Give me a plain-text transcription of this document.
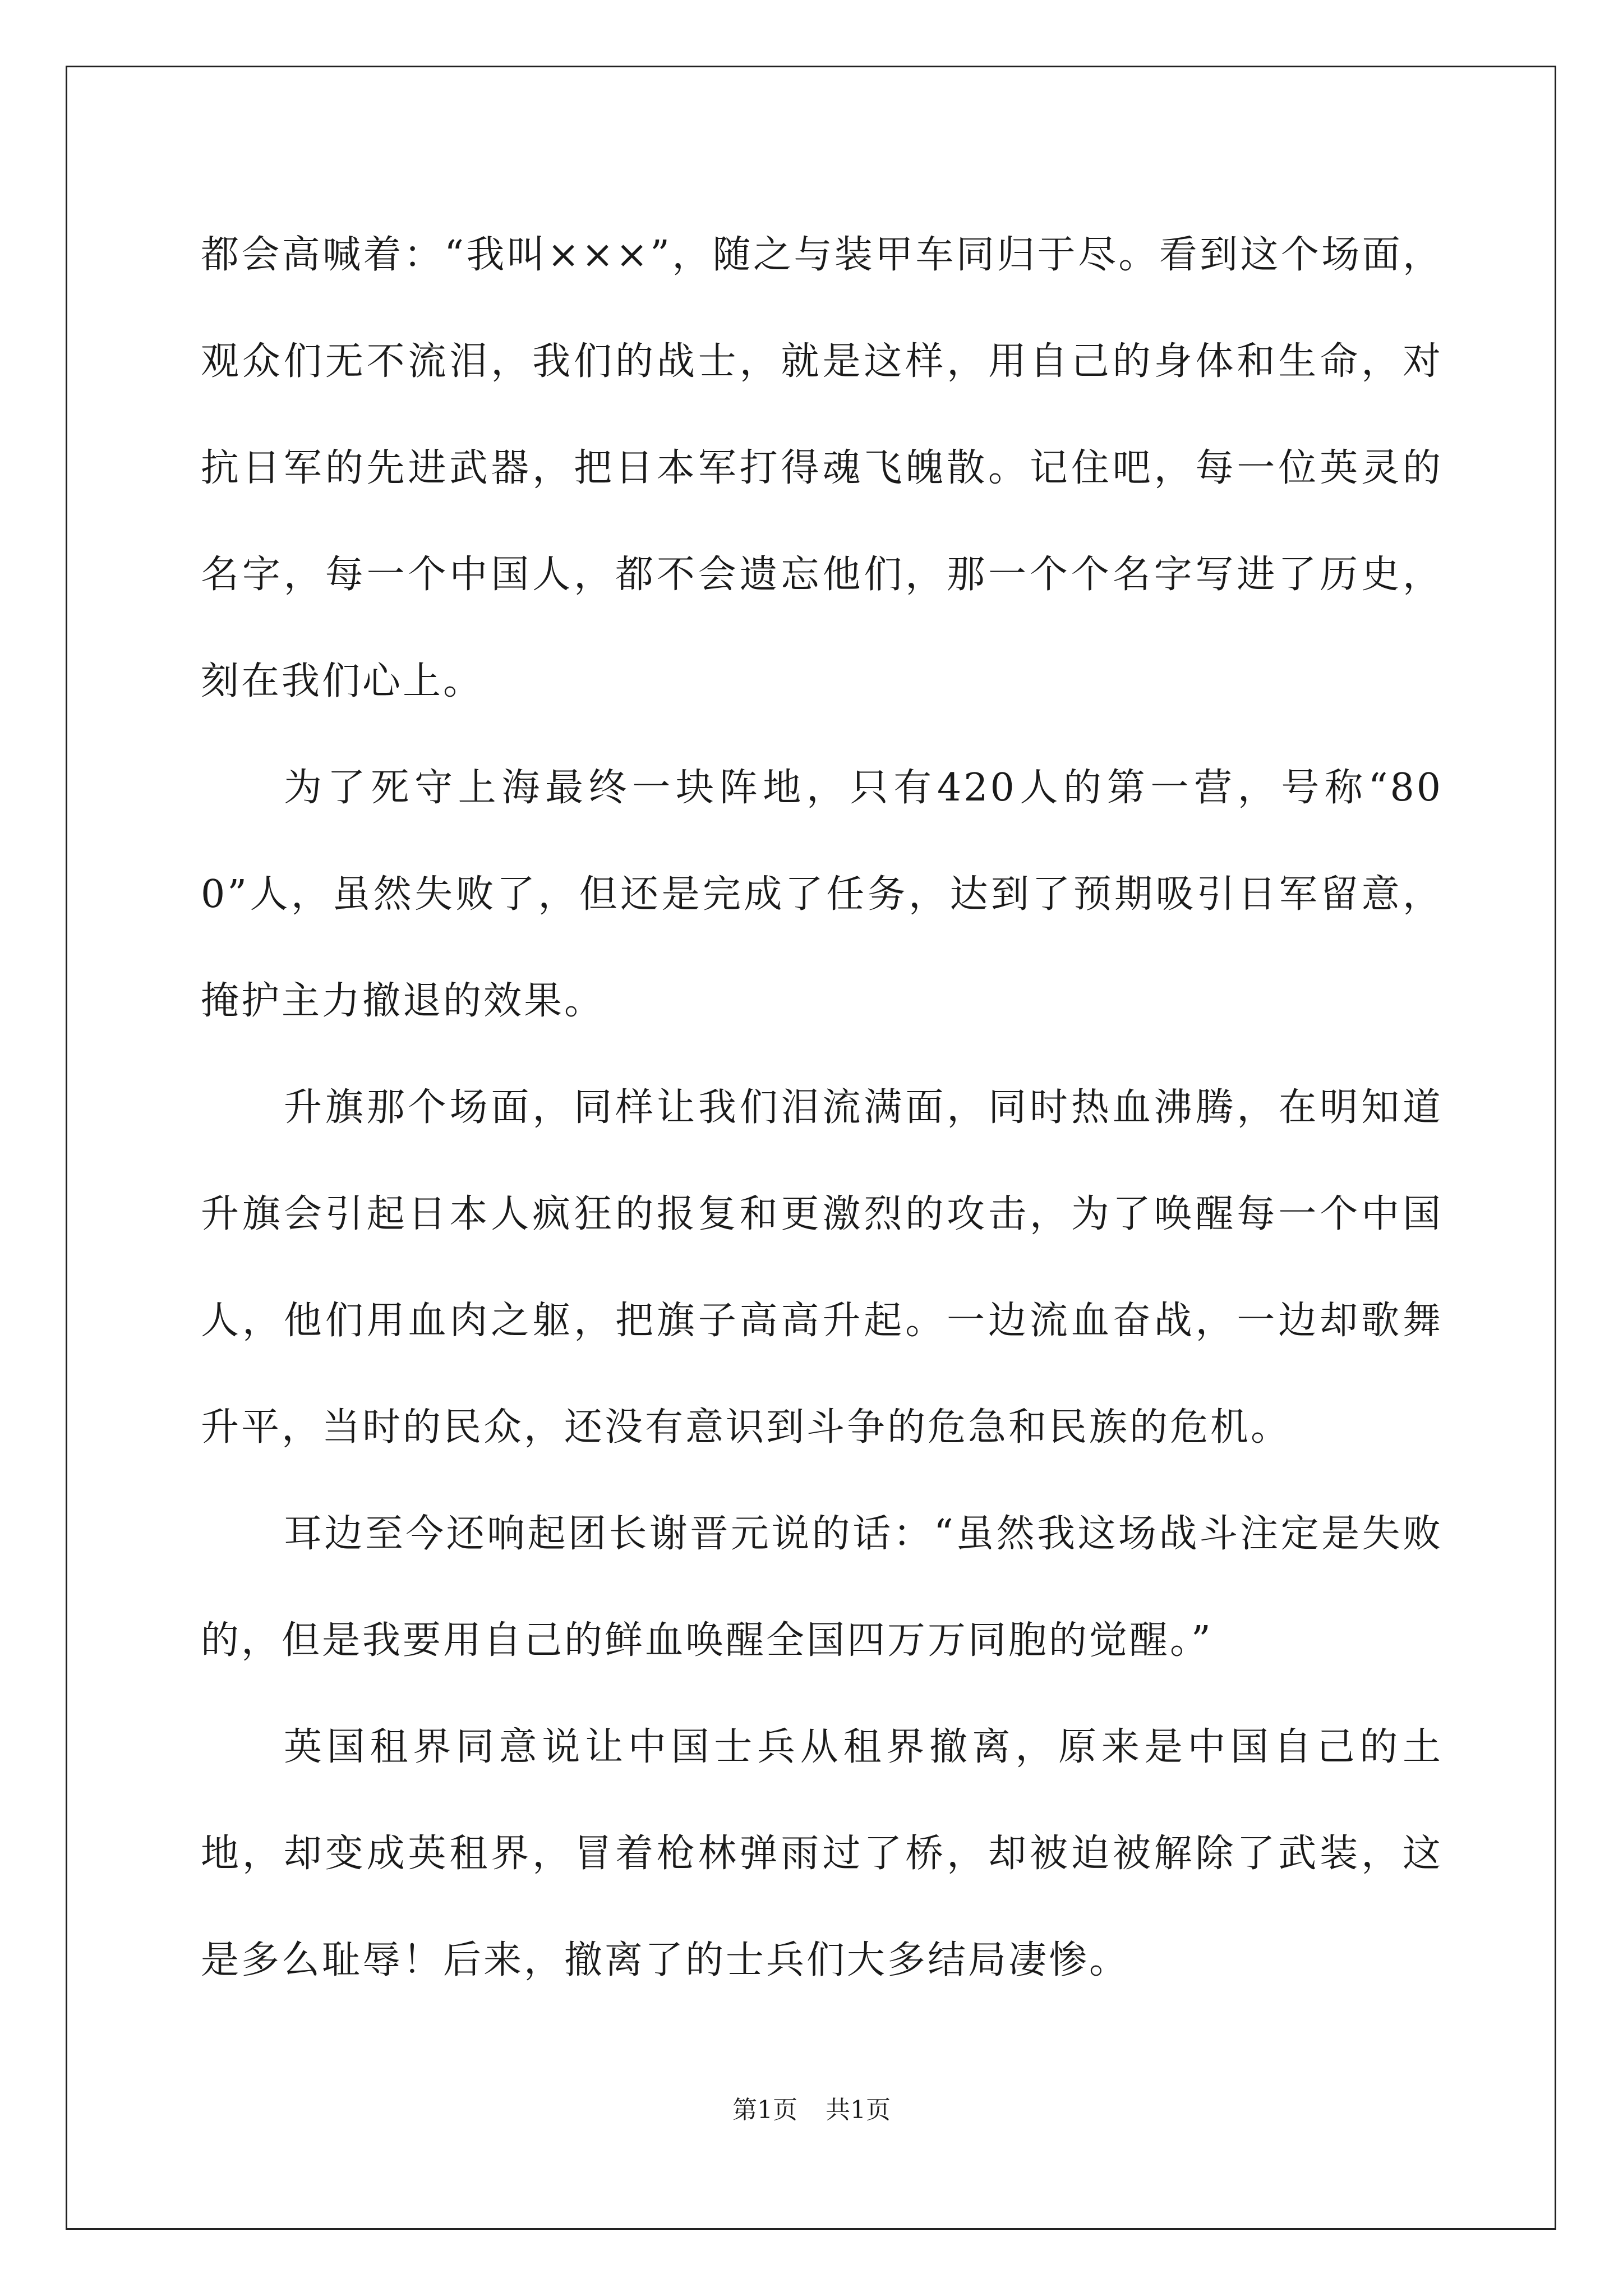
都会高喊着：“我叫×××”，随之与装甲车同归于尽。看到这个场面，观众们无不流泪，我们的战士，就是这样，用自己的身体和生命，对抗日军的先进武器，把日本军打得魂飞魄散。记住吧，每一位英灵的名字，每一个中国人，都不会遗忘他们，那一个个名字写进了历史，刻在我们心上。

为了死守上海最终一块阵地，只有420人的第一营，号称“800”人，虽然失败了，但还是完成了任务，达到了预期吸引日军留意，掩护主力撤退的效果。

升旗那个场面，同样让我们泪流满面，同时热血沸腾，在明知道升旗会引起日本人疯狂的报复和更激烈的攻击，为了唤醒每一个中国人，他们用血肉之躯，把旗子高高升起。一边流血奋战，一边却歌舞升平，当时的民众，还没有意识到斗争的危急和民族的危机。

耳边至今还响起团长谢晋元说的话：“虽然我这场战斗注定是失败的，但是我要用自己的鲜血唤醒全国四万万同胞的觉醒。”

英国租界同意说让中国士兵从租界撤离，原来是中国自己的土地，却变成英租界，冒着枪林弹雨过了桥，却被迫被解除了武装，这是多么耻辱！后来，撤离了的士兵们大多结局凄惨。

第1页 共1页
